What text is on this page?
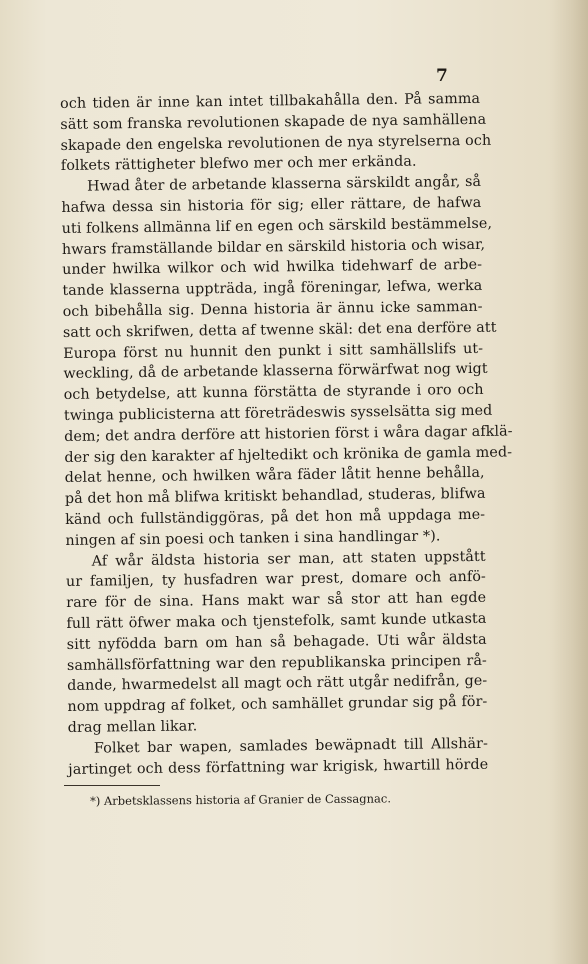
7
och tiden är inne kan intet tillbakahålla den. På samma
sätt som franska revolutionen skapade de nya samhällena
skapade den engelska revolutionen de nya styrelserna och
folkets rättigheter blefwo mer och mer erkända.
Hwad åter de arbetande klasserna särskildt angår, så
hafwa dessa sin historia för sig; eller rättare, de hafwa
uti folkens allmänna lif en egen och särskild bestämmelse,
hwars framställande bildar en särskild historia och wisar,
under hwilka wilkor och wid hwilka tidehwarf de arbe-
tande klasserna uppträda, ingå föreningar, lefwa, werka
och bibehålla sig. Denna historia är ännu icke samman-
satt och skrifwen, detta af twenne skäl: det ena derföre att
Europa först nu hunnit den punkt i sitt samhällslifs ut-
weckling, då de arbetande klasserna förwärfwat nog wigt
och betydelse, att kunna förstätta de styrande i oro och
twinga publicisterna att företrädeswis sysselsätta sig med
dem; det andra derföre att historien först i wåra dagar afklä-
der sig den karakter af hjeltedikt och krönika de gamla med-
delat henne, och hwilken wåra fäder låtit henne behålla,
på det hon må blifwa kritiskt behandlad, studeras, blifwa
känd och fullständiggöras, på det hon må uppdaga me-
ningen af sin poesi och tanken i sina handlingar *).
Af wår äldsta historia ser man, att staten uppstått
ur familjen, ty husfadren war prest, domare och anfö-
rare för de sina. Hans makt war så stor att han egde
full rätt öfwer maka och tjenstefolk, samt kunde utkasta
sitt nyfödda barn om han så behagade. Uti wår äldsta
samhällsförfattning war den republikanska principen rå-
dande, hwarmedelst all magt och rätt utgår nedifrån, ge-
nom uppdrag af folket, och samhället grundar sig på för-
drag mellan likar.
Folket bar wapen, samlades bewäpnadt till Allshär-
jartinget och dess författning war krigisk, hwartill hörde
*) Arbetsklassens historia af Granier de Cassagnac.
